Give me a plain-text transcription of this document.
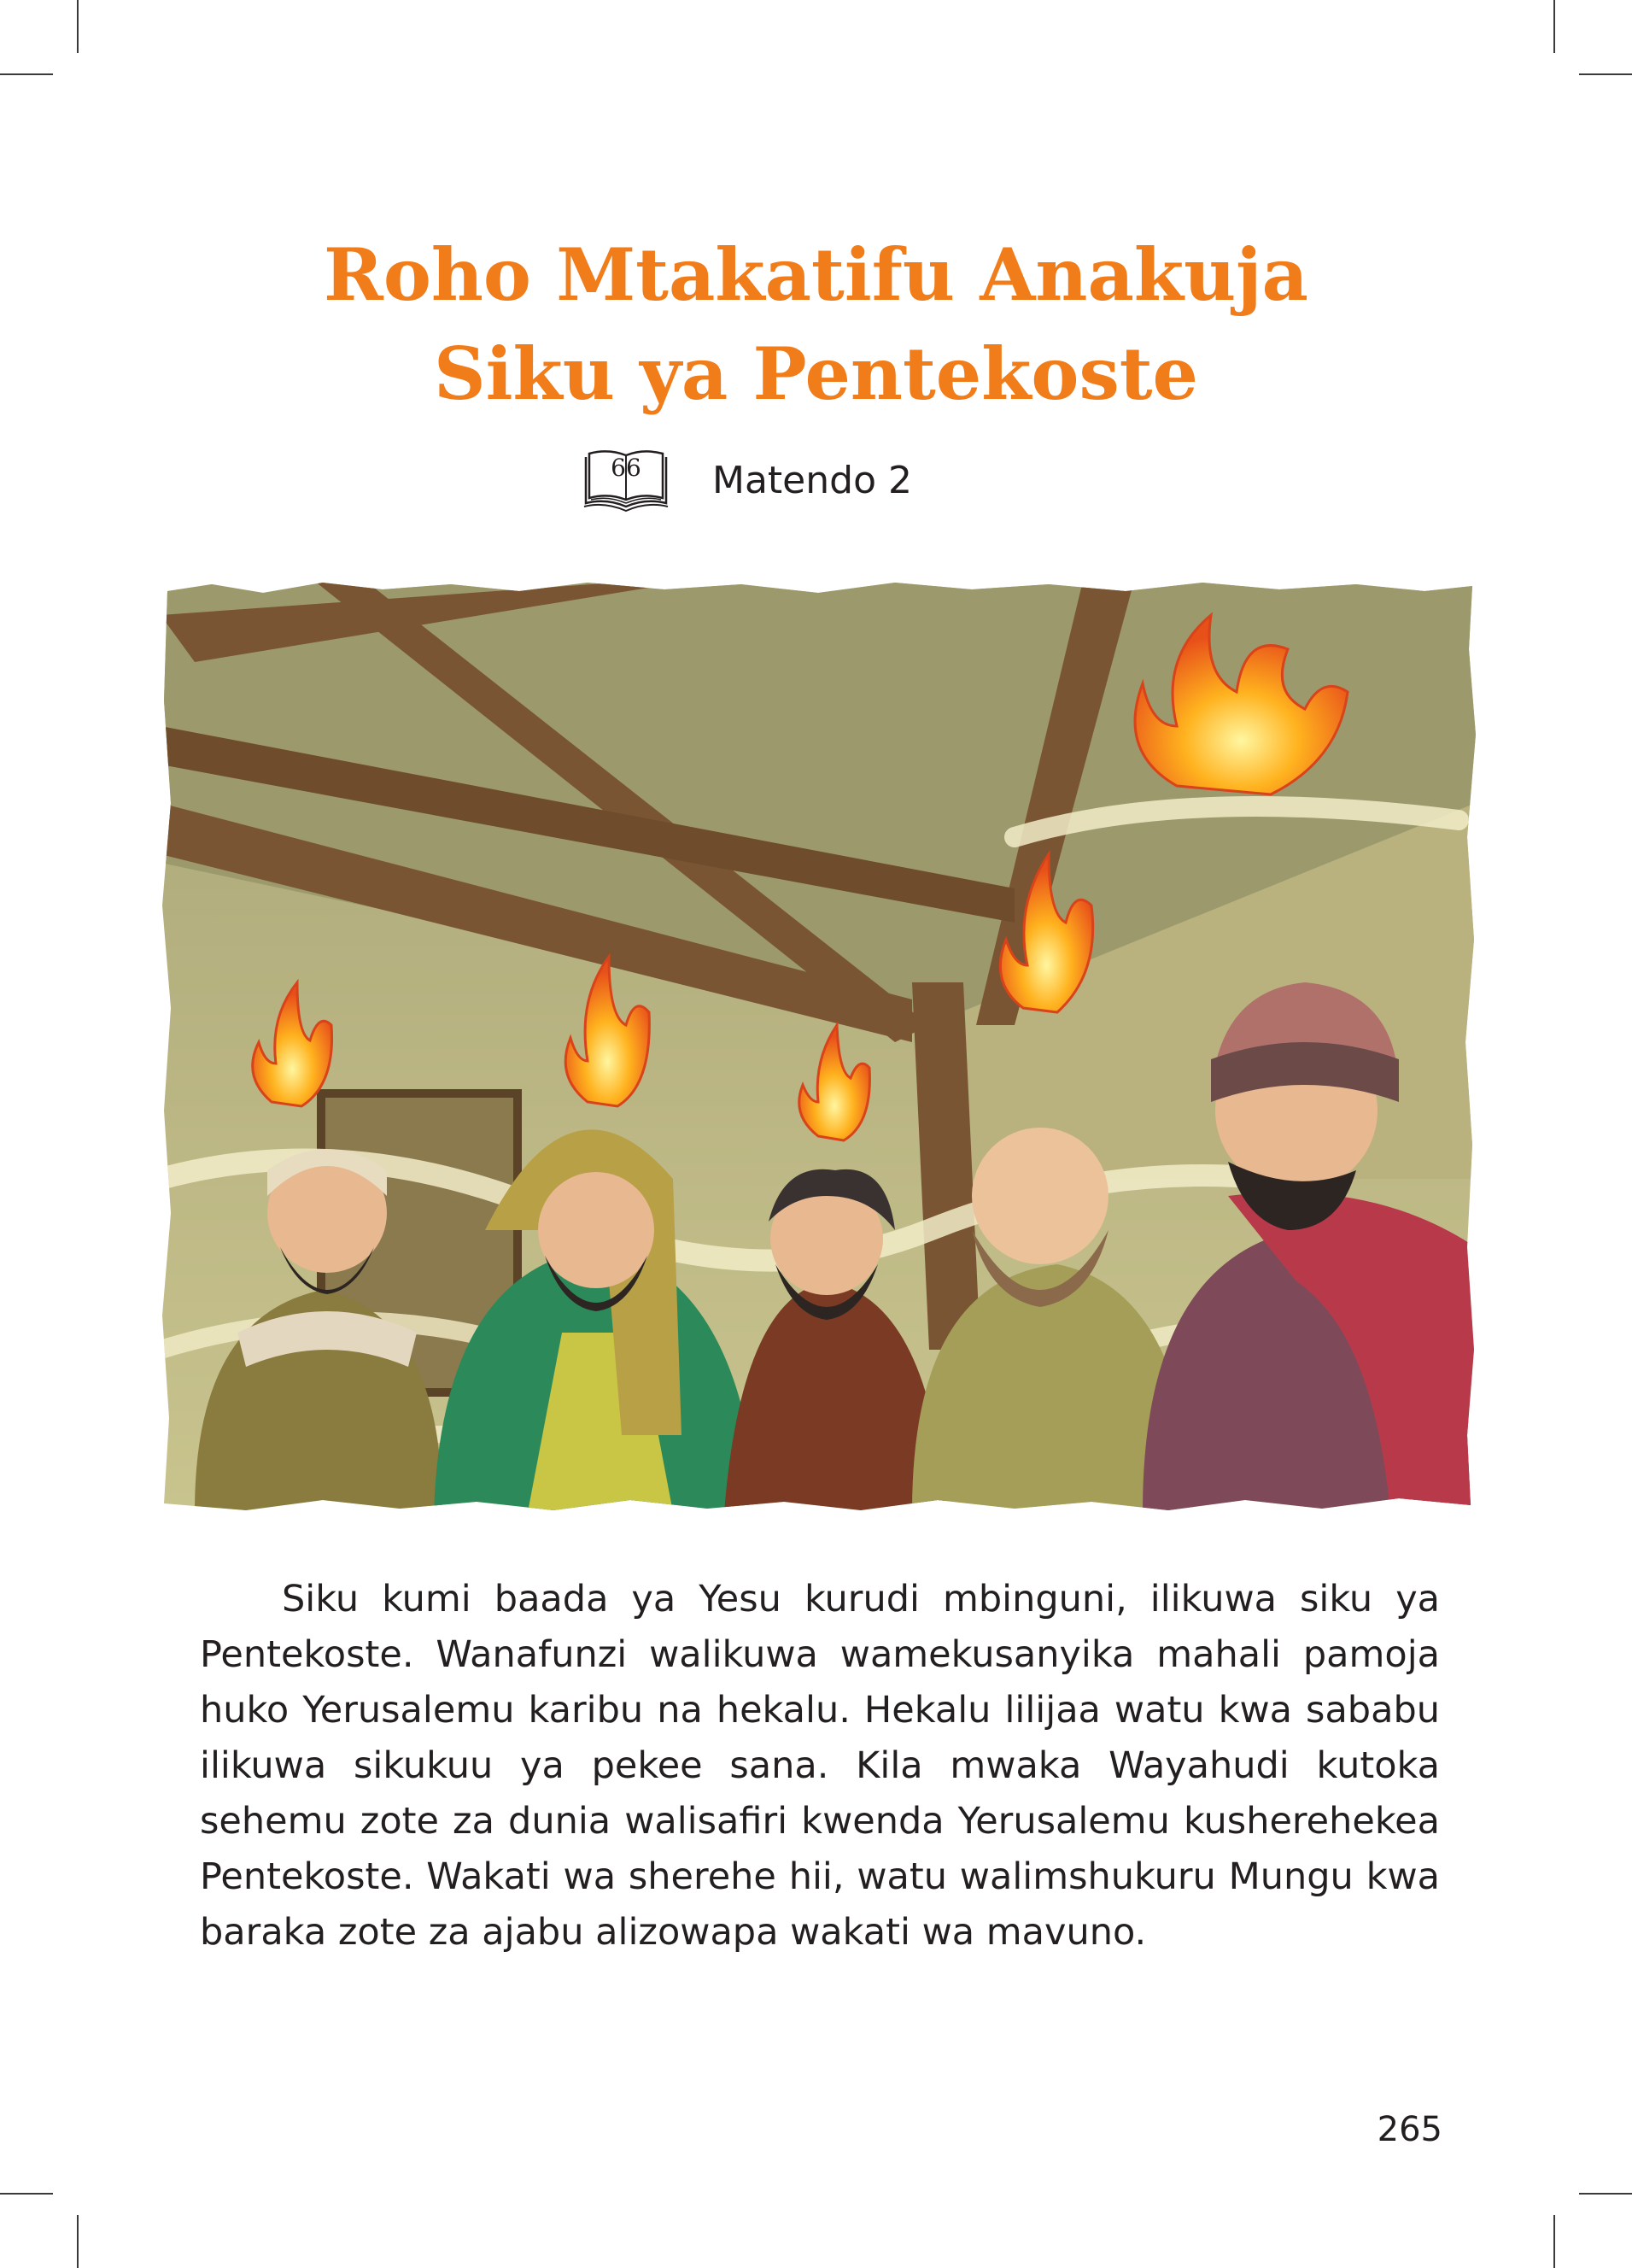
Roho Mtakatifu Anakuja
Siku ya Pentekoste
66 Matendo 2
Siku kumi baada ya Yesu kurudi mbinguni, ilikuwa siku ya Pentekoste. Wanafunzi walikuwa wamekusanyika mahali pamoja huko Yerusalemu karibu na hekalu. Hekalu lilijaa watu kwa sababu ilikuwa sikukuu ya pekee sana. Kila mwaka Wayahudi kutoka sehemu zote za dunia walisafiri kwenda Yerusalemu kusherehekea Pentekoste. Wakati wa sherehe hii, watu walimshukuru Mungu kwa baraka zote za ajabu alizowapa wakati wa mavuno.
265
